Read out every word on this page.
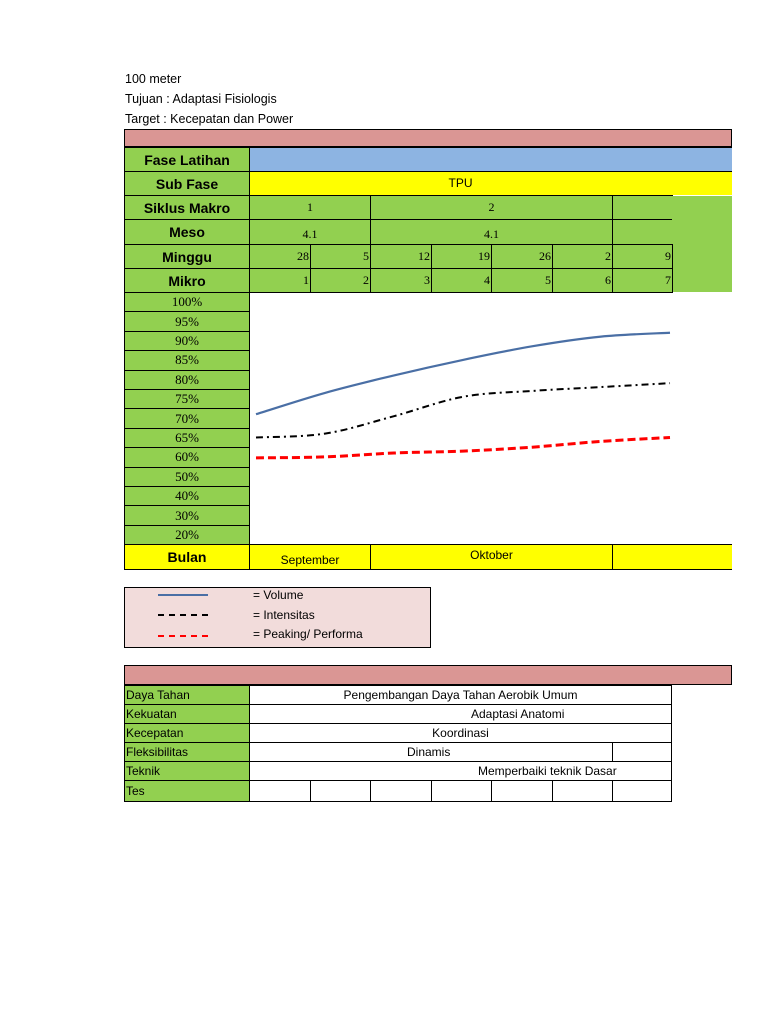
100 meter
Tujuan : Adaptasi Fisiologis
Target : Kecepatan dan Power
Fase Latihan
Sub Fase	TPU
Siklus Makro	1	2
Meso	4.1	4.1
Minggu	28	5	12	19	26	2	9
Mikro	1	2	3	4	5	6	7
100%
95%
90%
85%
80%
75%
70%
65%
60%
50%
40%
30%
20%
Bulan	September	Oktober
= Volume
= Intensitas
= Peaking/ Performa
Daya Tahan	Pengembangan Daya Tahan Aerobik Umum
Kekuatan	Adaptasi Anatomi
Kecepatan	Koordinasi
Fleksibilitas	Dinamis
Teknik	Memperbaiki teknik Dasar
Tes
